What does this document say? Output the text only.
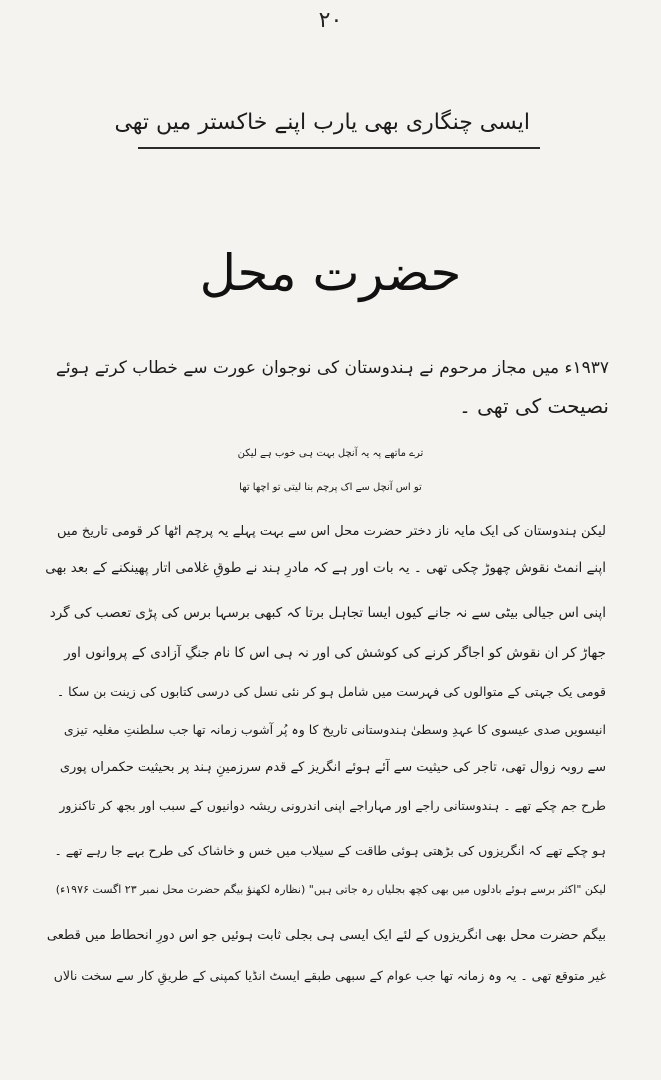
۲۰
ایسی چنگاری بھی یارب اپنے خاکستر میں تھی
حضرت محل
۱۹۳۷ء میں مجاز مرحوم نے ہندوستان کی نوجوان عورت سے خطاب کرتے ہوئے
نصیحت کی تھی ۔
ترے ماتھے پہ یہ آنچل بہت ہی خوب ہے لیکن
تو اس آنچل سے اک پرچم بنا لیتی تو اچھا تھا
لیکن ہندوستان کی ایک مایہ ناز دختر حضرت محل اس سے بہت پہلے یہ پرچم اٹھا کر قومی تاریخ میں
اپنے انمٹ نقوش چھوڑ چکی تھی ۔ یہ بات اور ہے کہ مادرِ ہند نے طوقِ غلامی اتار پھینکنے کے بعد بھی
اپنی اس جیالی بیٹی سے نہ جانے کیوں ایسا تجاہل برتا کہ کبھی برسہا برس کی پڑی تعصب کی گرد
جھاڑ کر ان نقوش کو اجاگر کرنے کی کوشش کی اور نہ ہی اس کا نام جنگِ آزادی کے پروانوں اور
قومی یک جہتی کے متوالوں کی فہرست میں شامل ہو کر نئی نسل کی درسی کتابوں کی زینت بن سکا ۔
انیسویں صدی عیسوی کا عہدِ وسطیٰ ہندوستانی تاریخ کا وہ پُر آشوب زمانہ تھا جب سلطنتِ مغلیہ تیزی
سے روبہ زوال تھی، تاجر کی حیثیت سے آئے ہوئے انگریز کے قدم سرزمینِ ہند پر بحیثیت حکمراں پوری
طرح جم چکے تھے ۔ ہندوستانی راجے اور مہاراجے اپنی اندرونی ریشہ دوانیوں کے سبب اور بجھ کر تاکنزور
ہو چکے تھے کہ انگریزوں کی بڑھتی ہوئی طاقت کے سیلاب میں خس و خاشاک کی طرح بہے جا رہے تھے ۔
لیکن "اکثر برسے ہوئے بادلوں میں بھی کچھ بجلیاں رہ جاتی ہیں" (نظارہ لکھنؤ بیگم حضرت محل نمبر ۲۳ اگست ۱۹۷۶ء)
بیگم حضرت محل بھی انگریزوں کے لئے ایک ایسی ہی بجلی ثابت ہوئیں جو اس دورِ انحطاط میں قطعی
غیر متوقع تھی ۔ یہ وہ زمانہ تھا جب عوام کے سبھی طبقے ایسٹ انڈیا کمپنی کے طریقِ کار سے سخت نالاں
